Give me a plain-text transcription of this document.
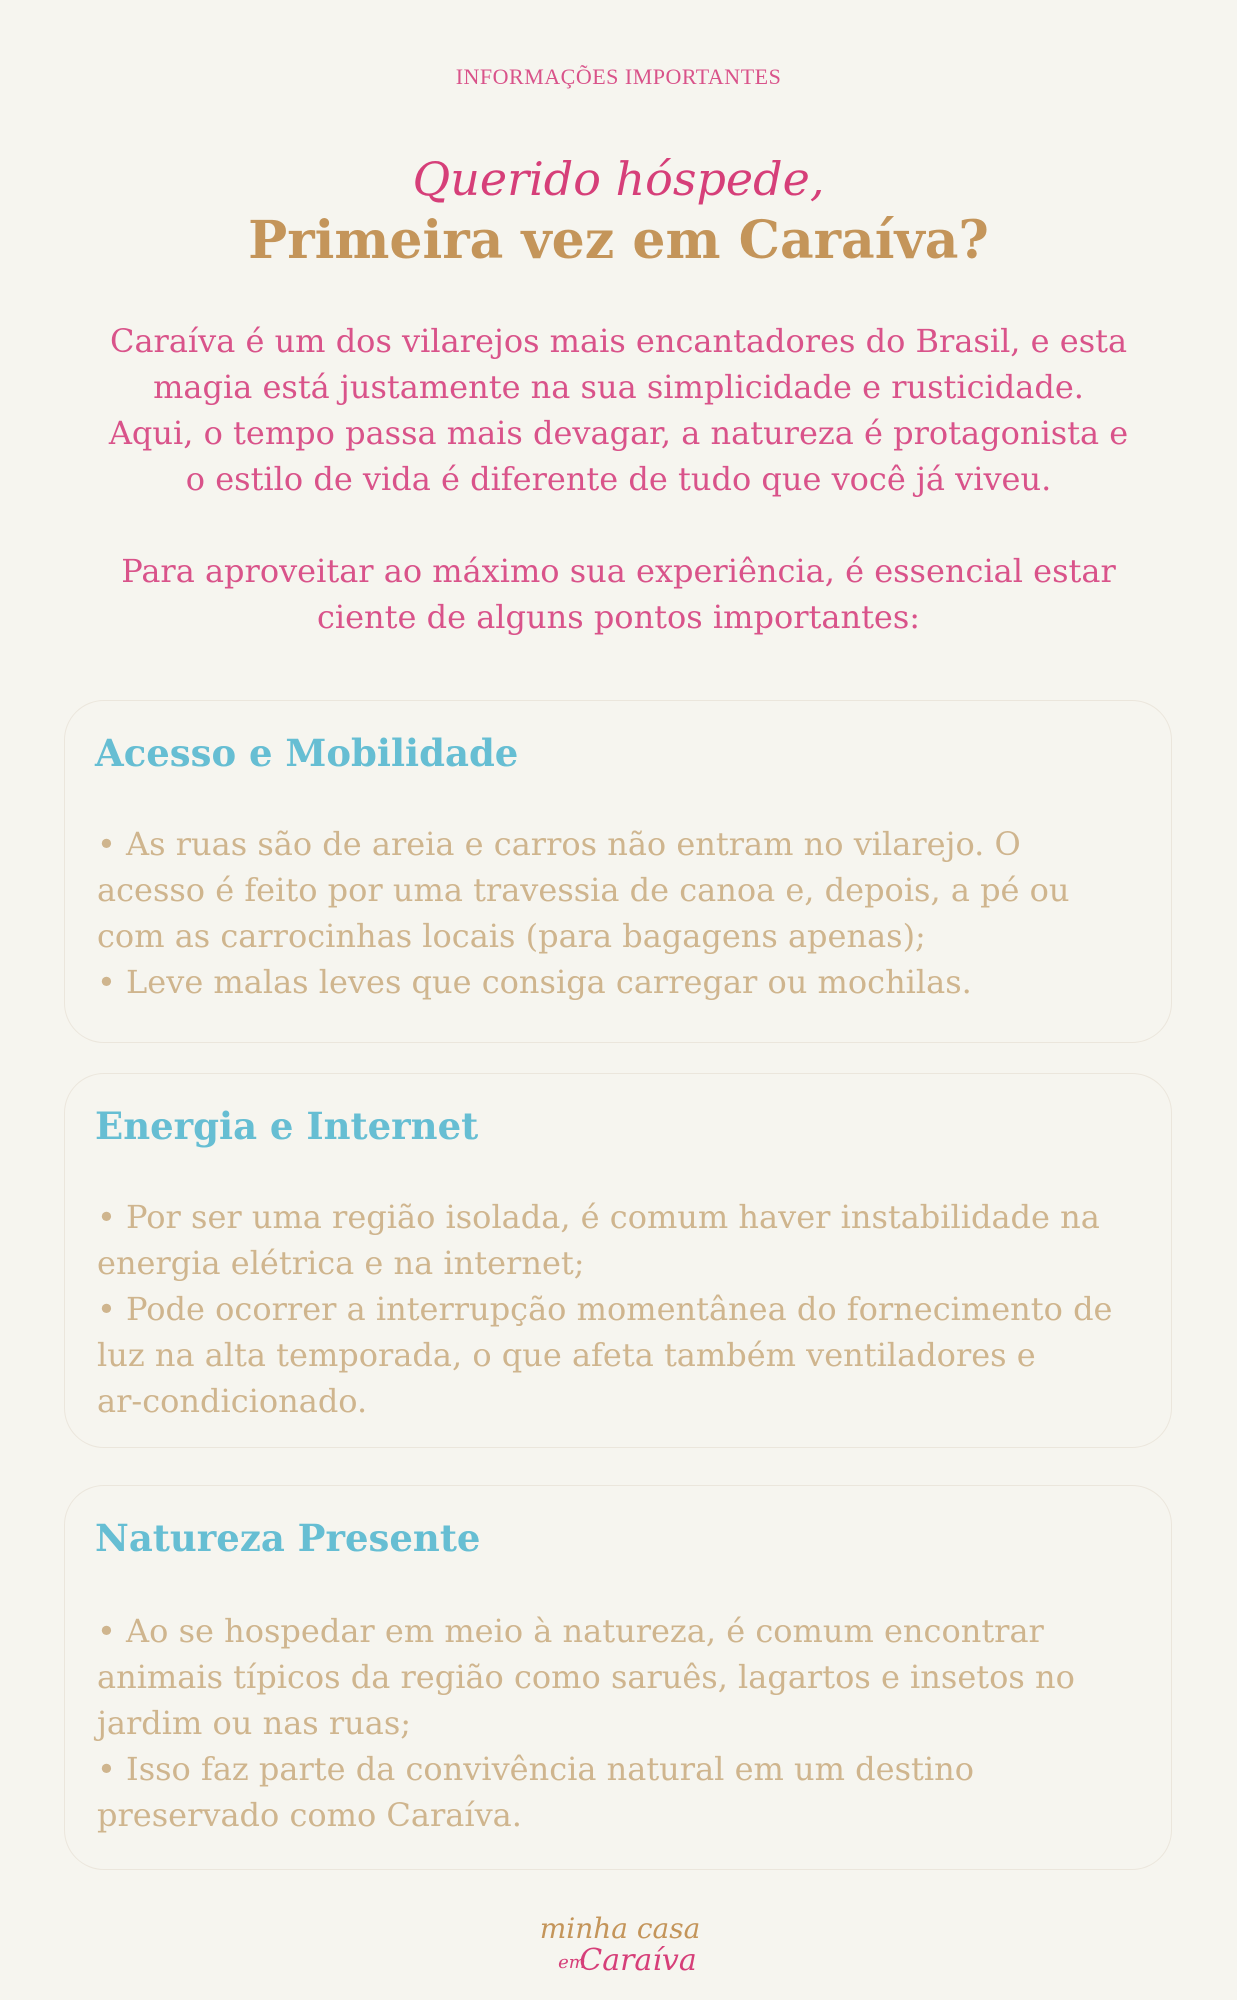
INFORMAÇÕES IMPORTANTES
Querido hóspede,
Primeira vez em Caraíva?
Caraíva é um dos vilarejos mais encantadores do Brasil, e esta
magia está justamente na sua simplicidade e rusticidade.
Aqui, o tempo passa mais devagar, a natureza é protagonista e
o estilo de vida é diferente de tudo que você já viveu.
Para aproveitar ao máximo sua experiência, é essencial estar
ciente de alguns pontos importantes:
Acesso e Mobilidade
• As ruas são de areia e carros não entram no vilarejo. O
acesso é feito por uma travessia de canoa e, depois, a pé ou
com as carrocinhas locais (para bagagens apenas);
• Leve malas leves que consiga carregar ou mochilas.
Energia e Internet
• Por ser uma região isolada, é comum haver instabilidade na
energia elétrica e na internet;
• Pode ocorrer a interrupção momentânea do fornecimento de
luz na alta temporada, o que afeta também ventiladores e
ar-condicionado.
Natureza Presente
• Ao se hospedar em meio à natureza, é comum encontrar
animais típicos da região como saruês, lagartos e insetos no
jardim ou nas ruas;
• Isso faz parte da convivência natural em um destino
preservado como Caraíva.
minha casa
em
Caraíva
